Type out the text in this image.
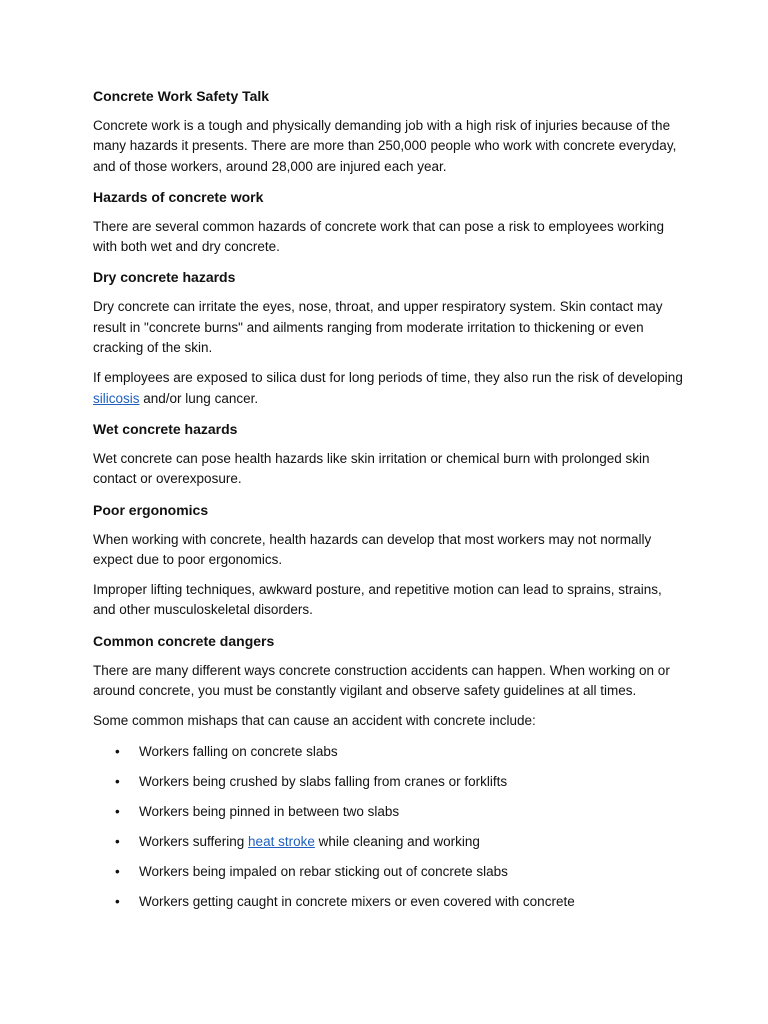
Concrete Work Safety Talk

Concrete work is a tough and physically demanding job with a high risk of injuries because of the many hazards it presents. There are more than 250,000 people who work with concrete everyday, and of those workers, around 28,000 are injured each year.

Hazards of concrete work

There are several common hazards of concrete work that can pose a risk to employees working with both wet and dry concrete.

Dry concrete hazards

Dry concrete can irritate the eyes, nose, throat, and upper respiratory system. Skin contact may result in "concrete burns" and ailments ranging from moderate irritation to thickening or even cracking of the skin.

If employees are exposed to silica dust for long periods of time, they also run the risk of developing silicosis and/or lung cancer.

Wet concrete hazards

Wet concrete can pose health hazards like skin irritation or chemical burn with prolonged skin contact or overexposure.

Poor ergonomics

When working with concrete, health hazards can develop that most workers may not normally expect due to poor ergonomics.

Improper lifting techniques, awkward posture, and repetitive motion can lead to sprains, strains, and other musculoskeletal disorders.

Common concrete dangers

There are many different ways concrete construction accidents can happen. When working on or around concrete, you must be constantly vigilant and observe safety guidelines at all times.

Some common mishaps that can cause an accident with concrete include:

• Workers falling on concrete slabs
• Workers being crushed by slabs falling from cranes or forklifts
• Workers being pinned in between two slabs
• Workers suffering heat stroke while cleaning and working
• Workers being impaled on rebar sticking out of concrete slabs
• Workers getting caught in concrete mixers or even covered with concrete
